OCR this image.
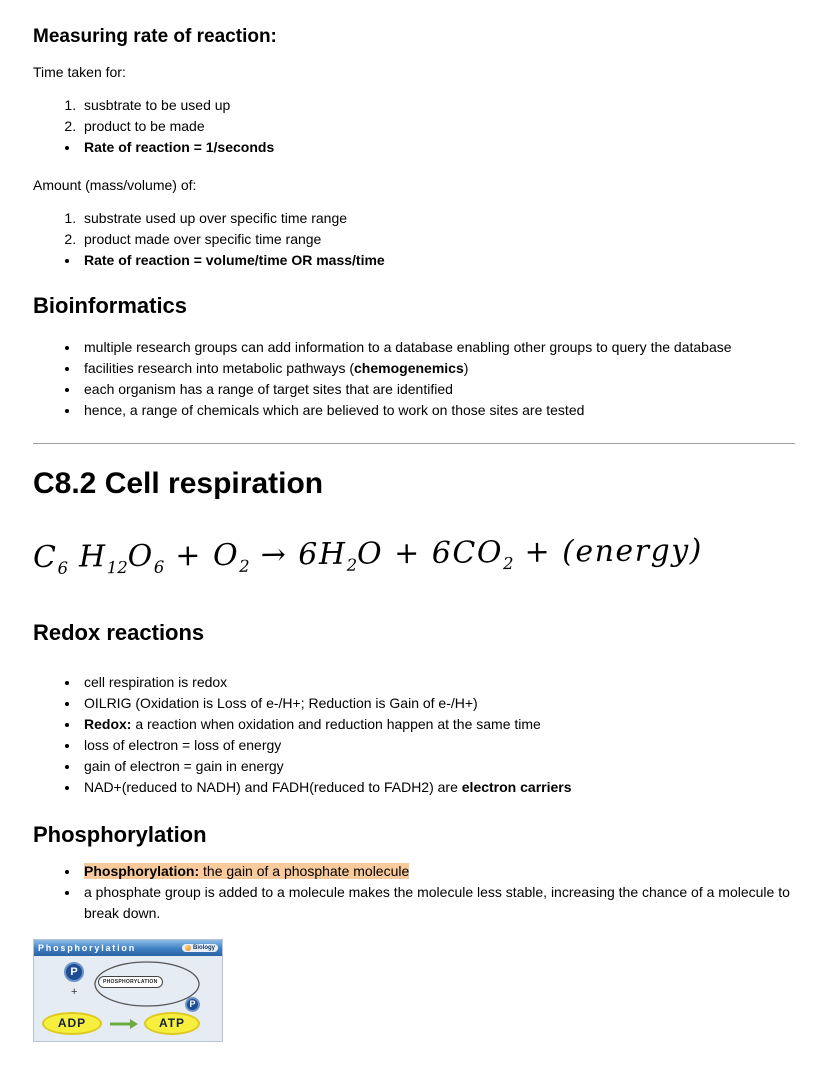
Measuring rate of reaction:

Time taken for:

1. susbtrate to be used up
2. product to be made
• Rate of reaction = 1/seconds

Amount (mass/volume) of:

1. substrate used up over specific time range
2. product made over specific time range
• Rate of reaction = volume/time OR mass/time
Bioinformatics
• multiple research groups can add information to a database enabling other groups to query the database
• facilities research into metabolic pathways (chemogenemics)
• each organism has a range of target sites that are identified
• hence, a range of chemicals which are believed to work on those sites are tested
C8.2 Cell respiration
$C_6$ $H_{12}O_6 + O_2 \to 6H_2O + 6CO_2$ + (energy)
Redox reactions
• cell respiration is redox
• OILRIG (Oxidation is Loss of e-/H+; Reduction is Gain of e-/H+)
• Redox: a reaction when oxidation and reduction happen at the same time
• loss of electron = loss of energy
• gain of electron = gain in energy
• NAD+(reduced to NADH) and FADH(reduced to FADH2) are electron carriers
Phosphorylation
• Phosphorylation: the gain of a phosphate molecule
• a phosphate group is added to a molecule makes the molecule less stable, increasing the chance of a molecule to break down.
Phosphorylation	Biology
P
+
PHOSPHORYLATION
ADP → ATP
P
